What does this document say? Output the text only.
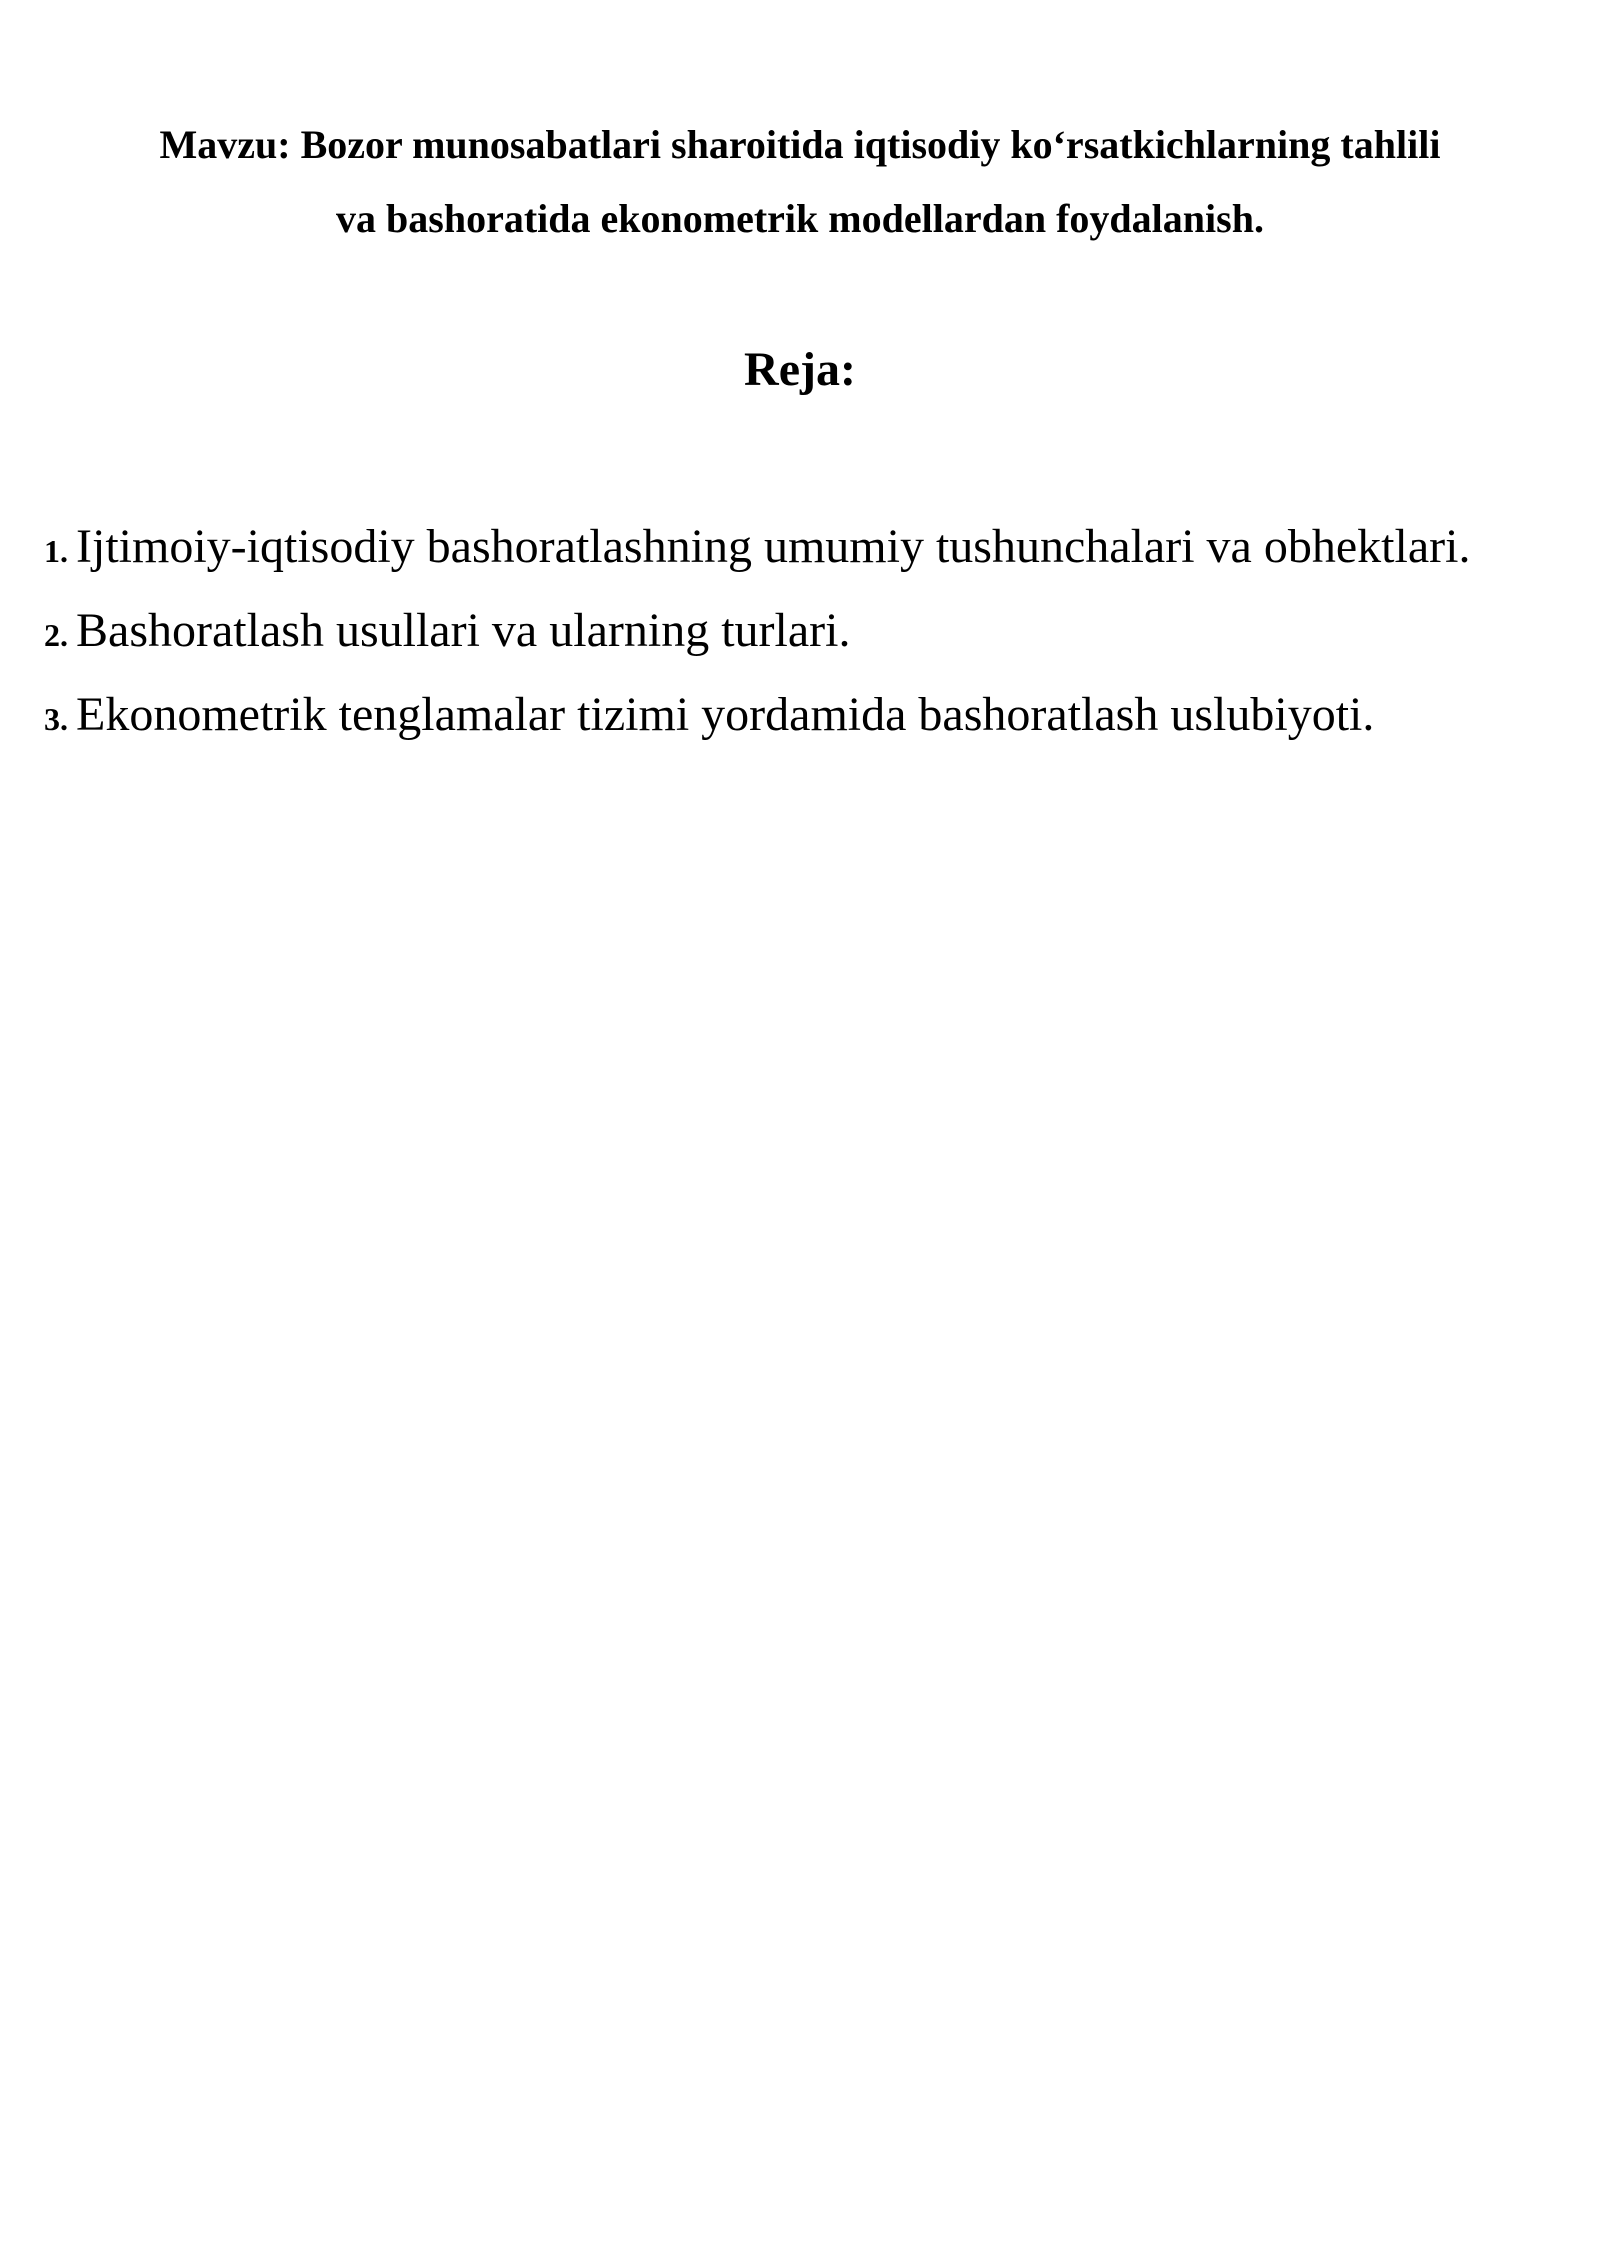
Mavzu: Bozor munosabatlari sharoitida iqtisodiy ko‘rsatkichlarning tahlili
va bashoratida ekonometrik modellardan foydalanish.
Reja:
1. Ijtimoiy-iqtisodiy bashoratlashning umumiy tushunchalari va obhektlari.
2. Bashoratlash usullari va ularning turlari.
3. Ekonometrik tenglamalar tizimi yordamida bashoratlash uslubiyoti.
